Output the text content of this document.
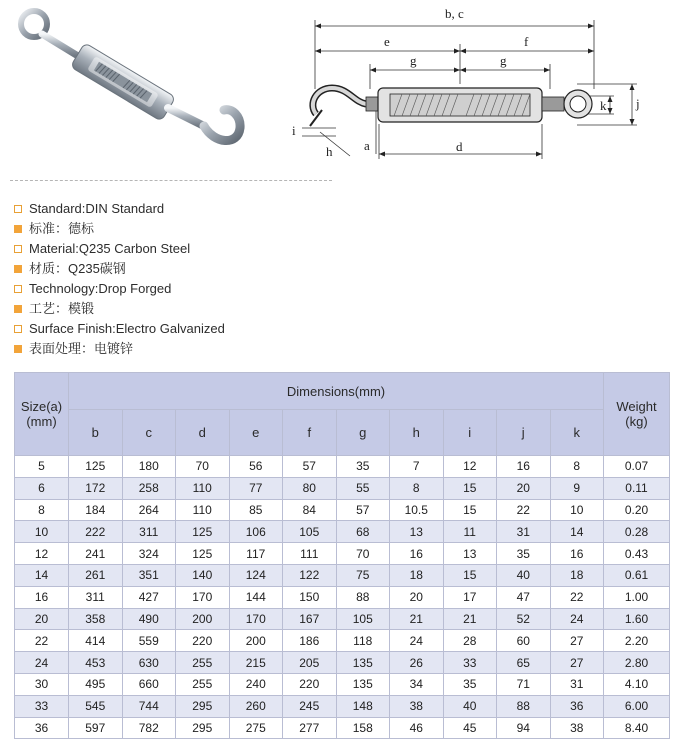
b, c
e	f
g	g
k j
i
h a	d
Standard:DIN Standard
标准：德标
Material:Q235 Carbon Steel
材质：Q235碳钢
Technology:Drop Forged
工艺：模锻
Surface Finish:Electro Galvanized
表面处理：电镀锌
Size(a)
(mm)	Dimensions(mm)										Weight
(kg)
	b	c	d	e	f	g	h	i	j	k	
5	125	180	70	56	57	35	7	12	16	8	0.07
6	172	258	110	77	80	55	8	15	20	9	0.11
8	184	264	110	85	84	57	10.5	15	22	10	0.20
10	222	311	125	106	105	68	13	11	31	14	0.28
12	241	324	125	117	111	70	16	13	35	16	0.43
14	261	351	140	124	122	75	18	15	40	18	0.61
16	311	427	170	144	150	88	20	17	47	22	1.00
20	358	490	200	170	167	105	21	21	52	24	1.60
22	414	559	220	200	186	118	24	28	60	27	2.20
24	453	630	255	215	205	135	26	33	65	27	2.80
30	495	660	255	240	220	135	34	35	71	31	4.10
33	545	744	295	260	245	148	38	40	88	36	6.00
36	597	782	295	275	277	158	46	45	94	38	8.40
